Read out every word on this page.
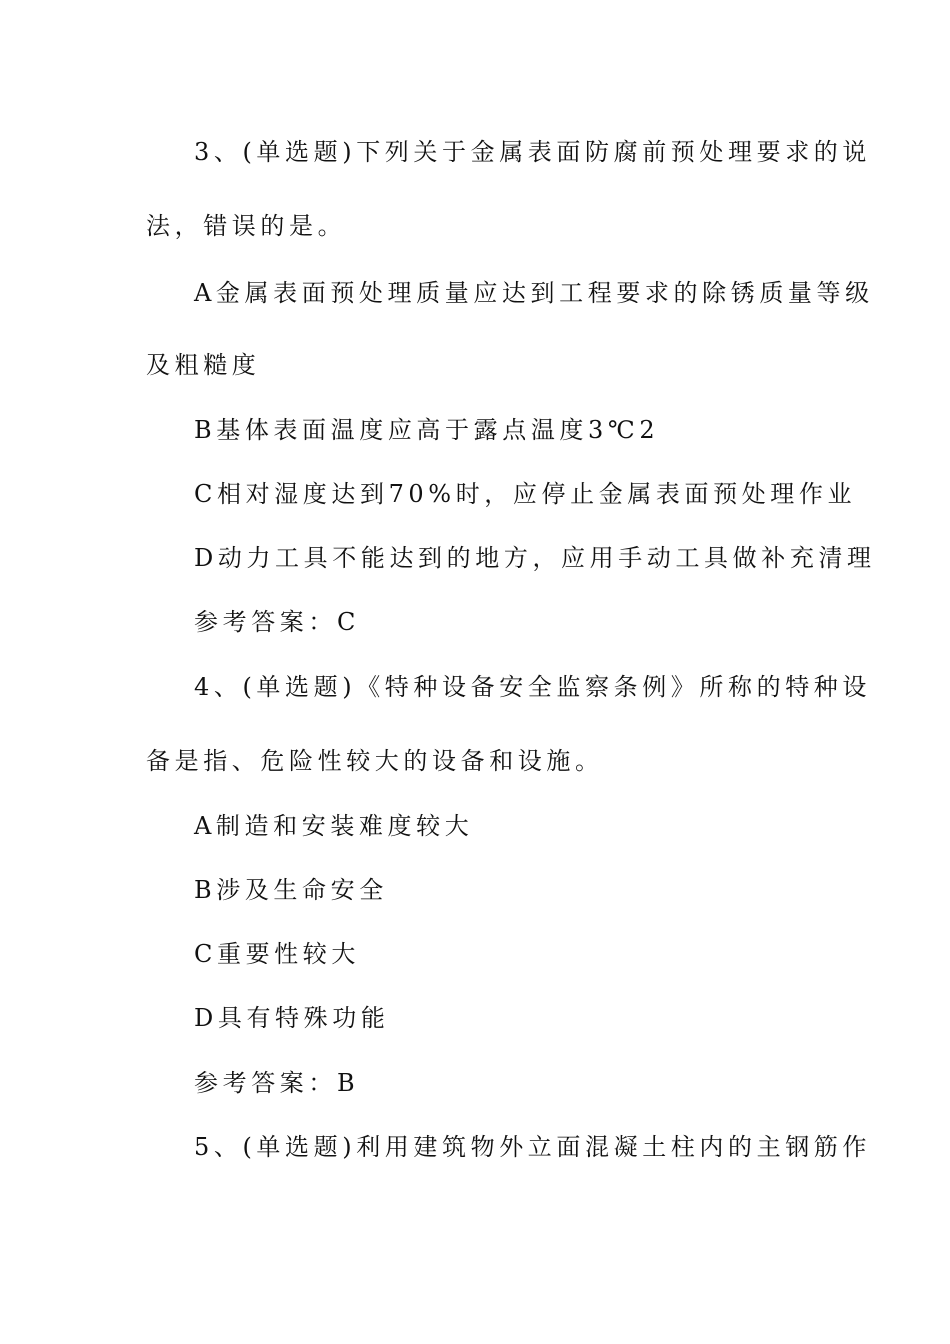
3、(单选题)下列关于金属表面防腐前预处理要求的说
法，错误的是。
A金属表面预处理质量应达到工程要求的除锈质量等级
及粗糙度
B基体表面温度应高于露点温度3℃2
C相对湿度达到70%时，应停止金属表面预处理作业
D动力工具不能达到的地方，应用手动工具做补充清理
参考答案：C
4、(单选题)《特种设备安全监察条例》所称的特种设
备是指、危险性较大的设备和设施。
A制造和安装难度较大
B涉及生命安全
C重要性较大
D具有特殊功能
参考答案：B
5、(单选题)利用建筑物外立面混凝土柱内的主钢筋作
